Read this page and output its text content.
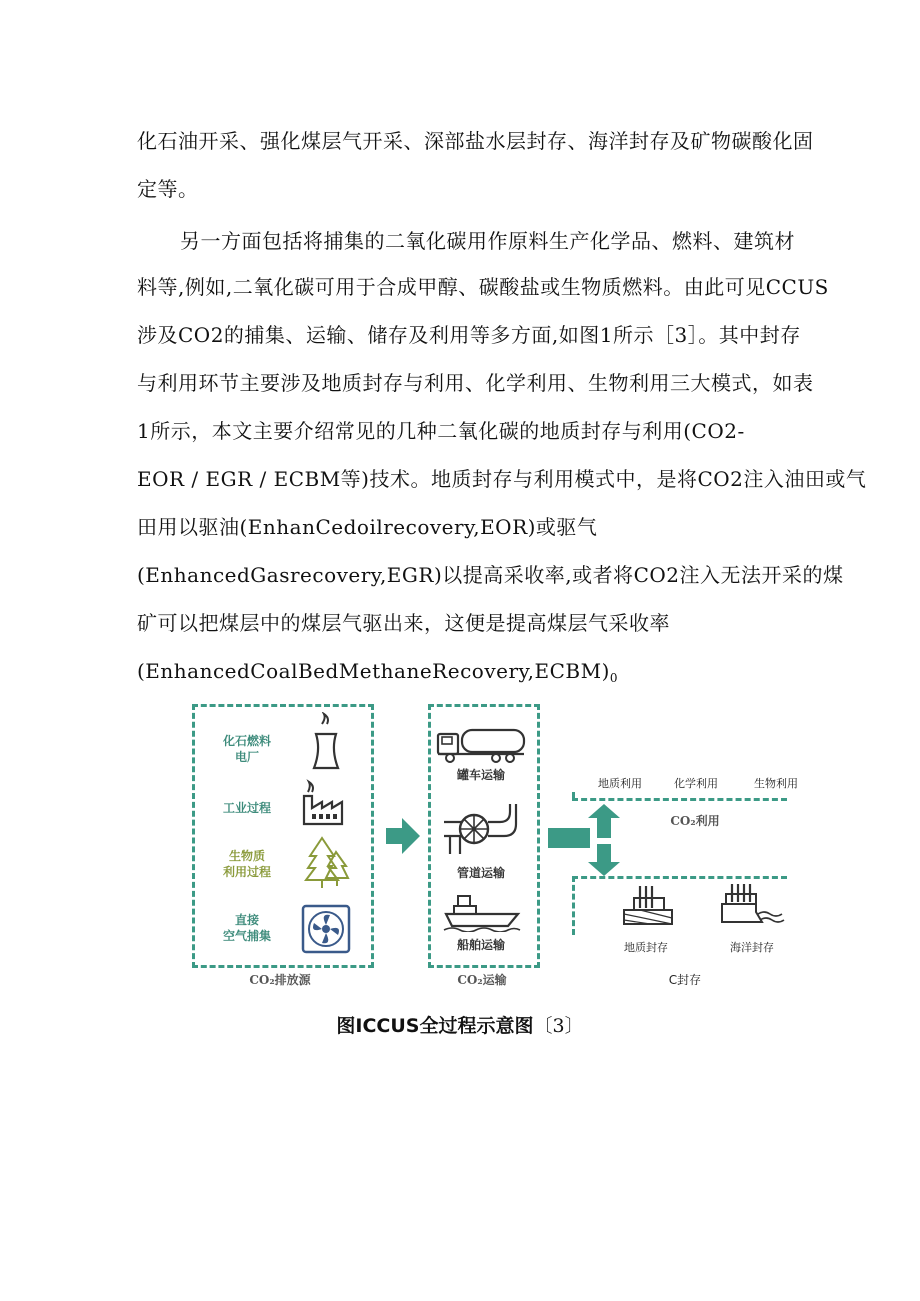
化石油开采、强化煤层气开采、深部盐水层封存、海洋封存及矿物碳酸化固
定等。
另一方面包括将捕集的二氧化碳用作原料生产化学品、燃料、建筑材
料等,例如,二氧化碳可用于合成甲醇、碳酸盐或生物质燃料。由此可见CCUS
涉及CO2的捕集、运输、储存及利用等多方面,如图1所示［3］。其中封存
与利用环节主要涉及地质封存与利用、化学利用、生物利用三大模式，如表
1所示，本文主要介绍常见的几种二氧化碳的地质封存与利用(CO2-
EOR / EGR / ECBM等)技术。地质封存与利用模式中，是将CO2注入油田或气
田用以驱油(EnhanCedoilrecovery,EOR)或驱气
(EnhancedGasrecovery,EGR)以提高采收率,或者将CO2注入无法开采的煤
矿可以把煤层中的煤层气驱出来，这便是提高煤层气采收率
$(EnhancedCoalBedMethaneRecovery,ECBM)_0$
化石燃料
电厂
工业过程
生物质
利用过程
直接
空气捕集
CO₂排放源
罐车运输
管道运输
船舶运输
CO₂运输
地质利用	化学利用	生物利用
CO₂利用
地质封存	海洋封存
C封存
图ICCUS全过程示意图〔3〕
